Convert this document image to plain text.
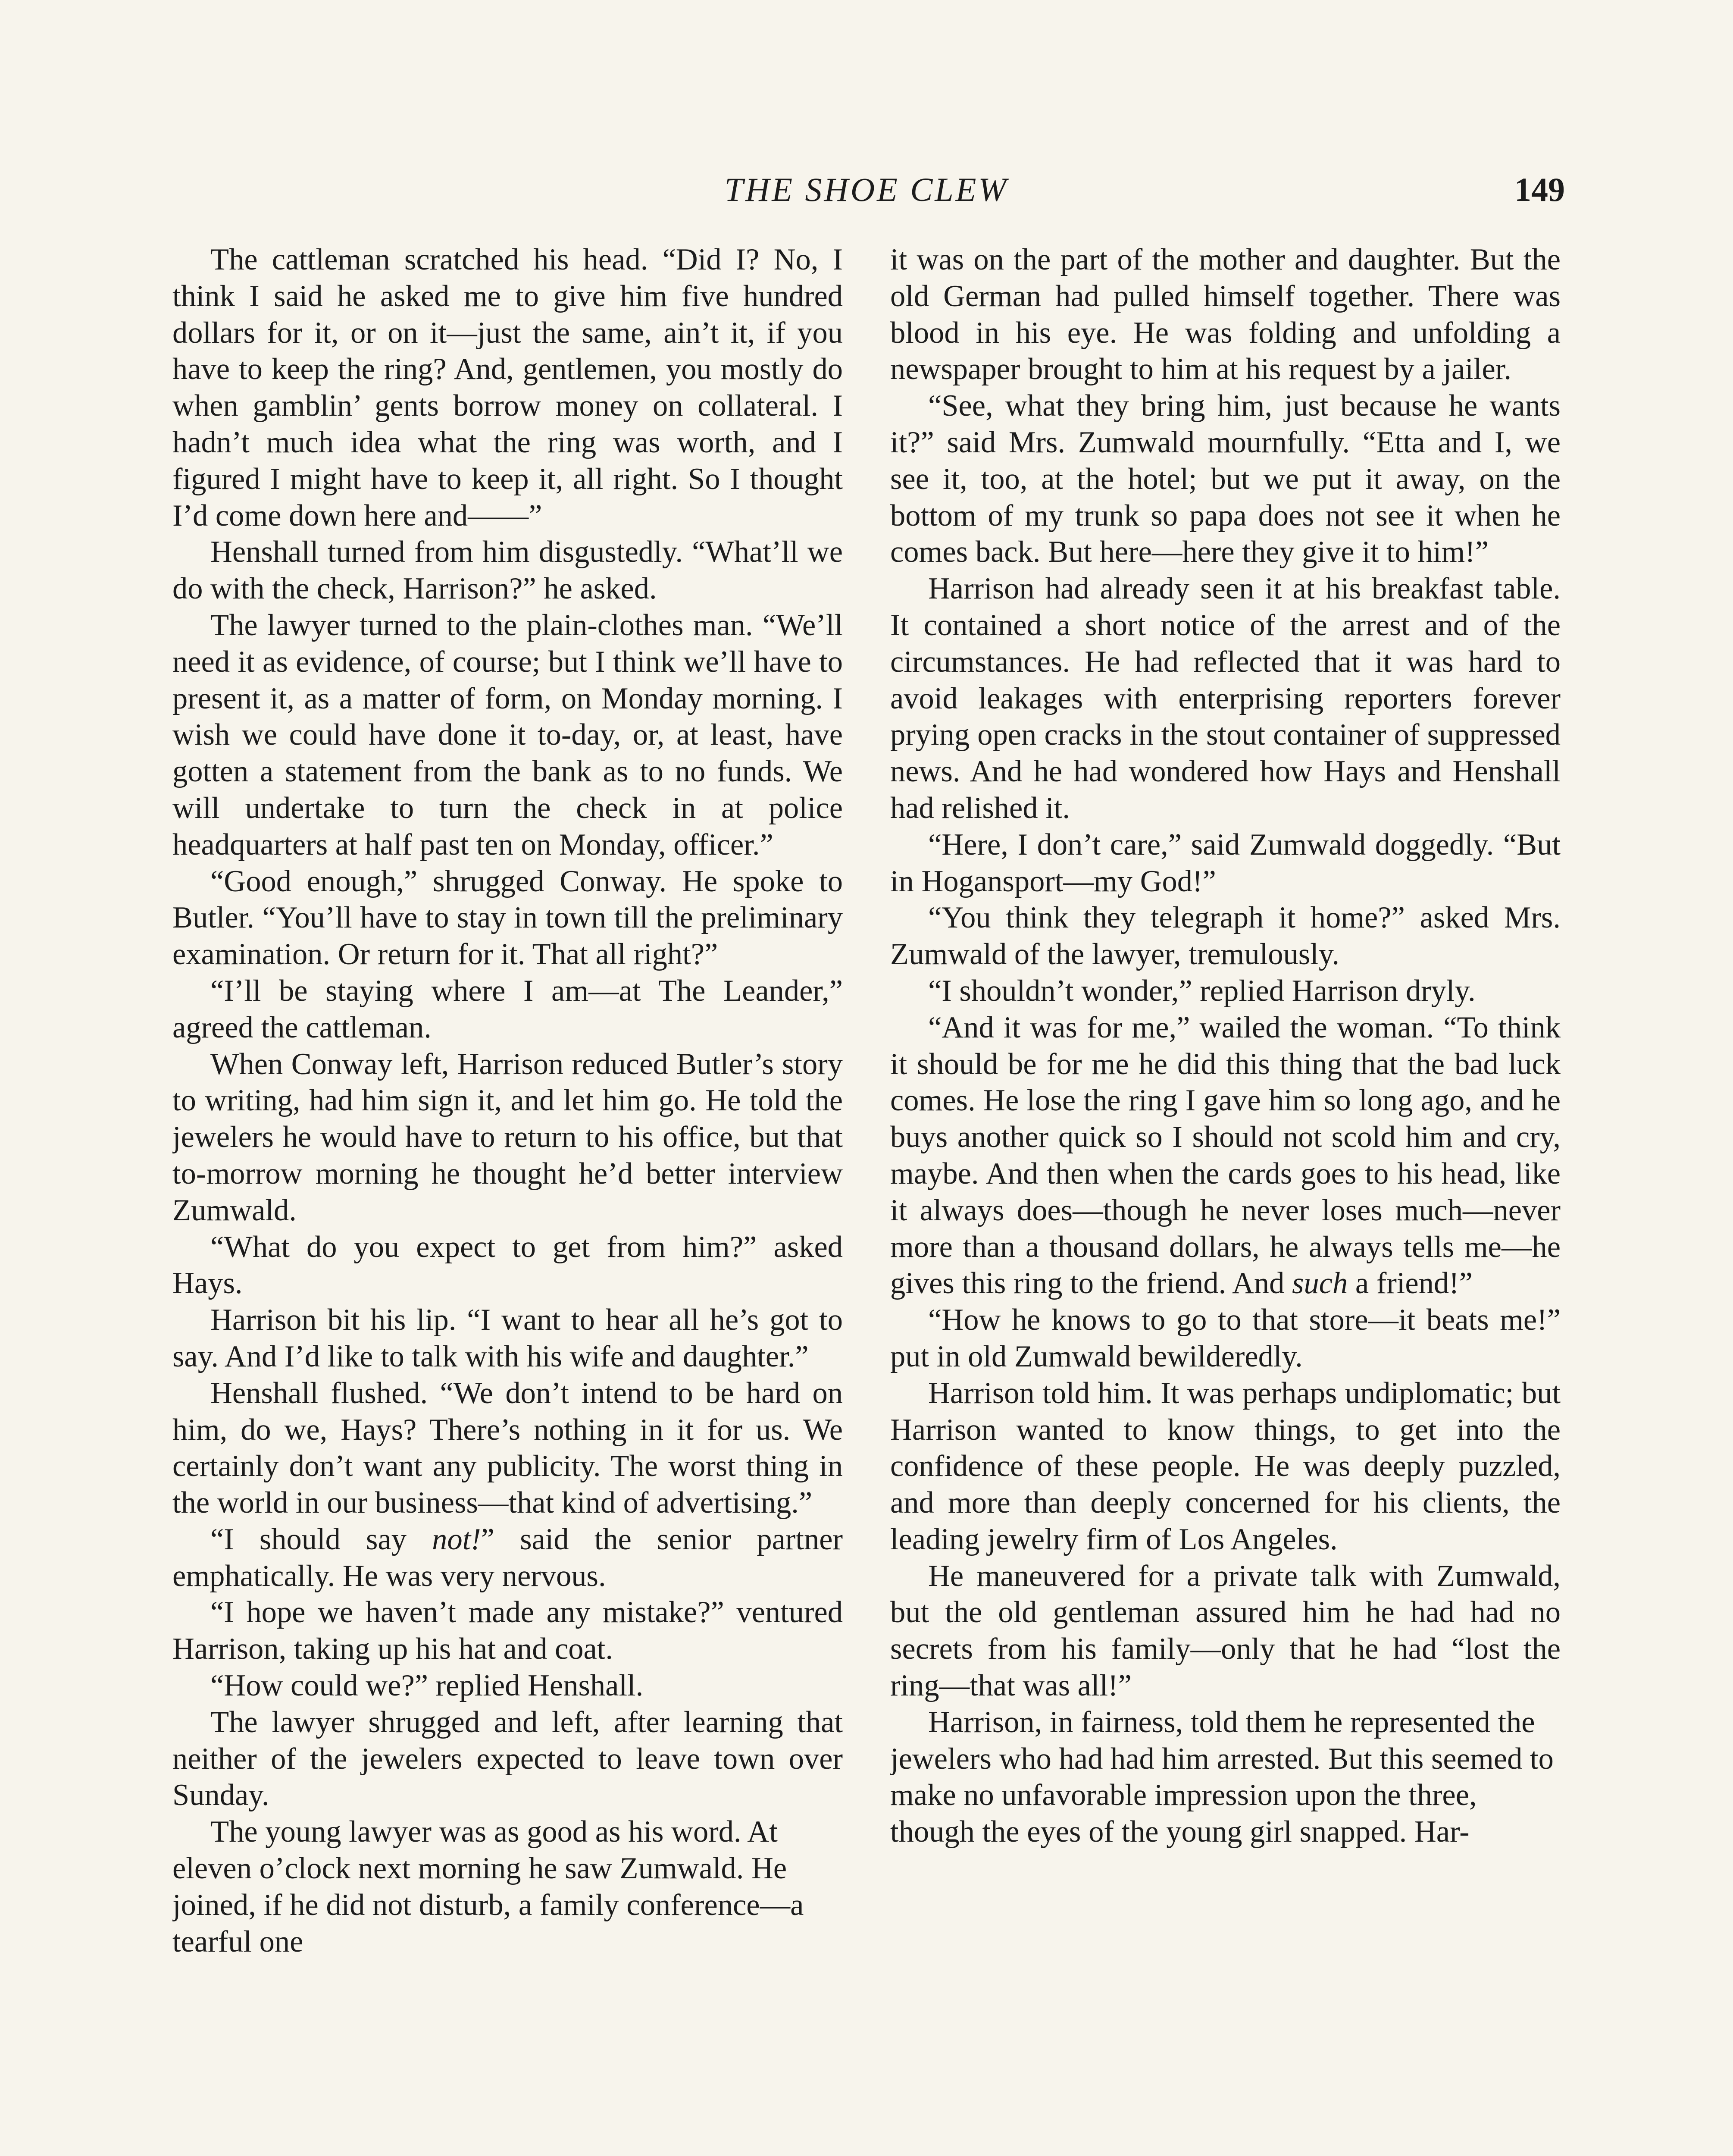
THE SHOE CLEW	149

The cattleman scratched his head. “Did I? No, I think I said he asked me to give him five hundred dollars for it, or on it—just the same, ain’t it, if you have to keep the ring? And, gentlemen, you mostly do when gamblin’ gents borrow money on collateral. I hadn’t much idea what the ring was worth, and I figured I might have to keep it, all right. So I thought I’d come down here and——”

Henshall turned from him disgustedly. “What’ll we do with the check, Harrison?” he asked.

The lawyer turned to the plain-clothes man. “We’ll need it as evidence, of course; but I think we’ll have to present it, as a matter of form, on Monday morning. I wish we could have done it to-day, or, at least, have gotten a statement from the bank as to no funds. We will undertake to turn the check in at police headquarters at half past ten on Monday, officer.”

“Good enough,” shrugged Conway. He spoke to Butler. “You’ll have to stay in town till the preliminary examination. Or return for it. That all right?”

“I’ll be staying where I am—at The Leander,” agreed the cattleman.

When Conway left, Harrison reduced Butler’s story to writing, had him sign it, and let him go. He told the jewelers he would have to return to his office, but that to-morrow morning he thought he’d better interview Zumwald.

“What do you expect to get from him?” asked Hays.

Harrison bit his lip. “I want to hear all he’s got to say. And I’d like to talk with his wife and daughter.”

Henshall flushed. “We don’t intend to be hard on him, do we, Hays? There’s nothing in it for us. We certainly don’t want any publicity. The worst thing in the world in our business—that kind of advertising.”

“I should say not!” said the senior partner emphatically. He was very nervous.

“I hope we haven’t made any mistake?” ventured Harrison, taking up his hat and coat.

“How could we?” replied Henshall.

The lawyer shrugged and left, after learning that neither of the jewelers expected to leave town over Sunday.

The young lawyer was as good as his word. At eleven o’clock next morning he saw Zumwald. He joined, if he did not disturb, a family conference—a tearful one

it was on the part of the mother and daughter. But the old German had pulled himself together. There was blood in his eye. He was folding and unfolding a newspaper brought to him at his request by a jailer.

“See, what they bring him, just because he wants it?” said Mrs. Zumwald mournfully. “Etta and I, we see it, too, at the hotel; but we put it away, on the bottom of my trunk so papa does not see it when he comes back. But here—here they give it to him!”

Harrison had already seen it at his breakfast table. It contained a short notice of the arrest and of the circumstances. He had reflected that it was hard to avoid leakages with enterprising reporters forever prying open cracks in the stout container of suppressed news. And he had wondered how Hays and Henshall had relished it.

“Here, I don’t care,” said Zumwald doggedly. “But in Hogansport—my God!”

“You think they telegraph it home?” asked Mrs. Zumwald of the lawyer, tremulously.

“I shouldn’t wonder,” replied Harrison dryly.

“And it was for me,” wailed the woman. “To think it should be for me he did this thing that the bad luck comes. He lose the ring I gave him so long ago, and he buys another quick so I should not scold him and cry, maybe. And then when the cards goes to his head, like it always does—though he never loses much—never more than a thousand dollars, he always tells me—he gives this ring to the friend. And such a friend!”

“How he knows to go to that store—it beats me!” put in old Zumwald bewilderedly.

Harrison told him. It was perhaps undiplomatic; but Harrison wanted to know things, to get into the confidence of these people. He was deeply puzzled, and more than deeply concerned for his clients, the leading jewelry firm of Los Angeles.

He maneuvered for a private talk with Zumwald, but the old gentleman assured him he had had no secrets from his family—only that he had “lost the ring—that was all!”

Harrison, in fairness, told them he represented the jewelers who had had him arrested. But this seemed to make no unfavorable impression upon the three, though the eyes of the young girl snapped. Har-
